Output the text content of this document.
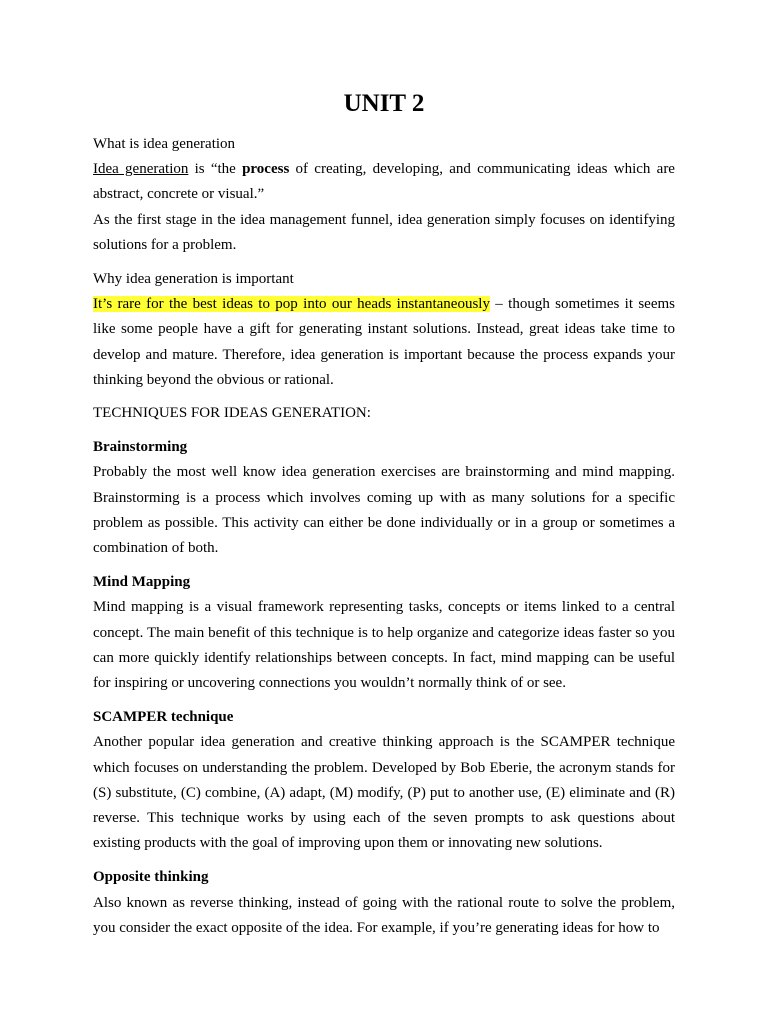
UNIT 2

What is idea generation

Idea generation is “the process of creating, developing, and communicating ideas which are abstract, concrete or visual.”

As the first stage in the idea management funnel, idea generation simply focuses on identifying solutions for a problem.

Why idea generation is important

It’s rare for the best ideas to pop into our heads instantaneously – though sometimes it seems like some people have a gift for generating instant solutions. Instead, great ideas take time to develop and mature. Therefore, idea generation is important because the process expands your thinking beyond the obvious or rational.

TECHNIQUES FOR IDEAS GENERATION:

Brainstorming

Probably the most well know idea generation exercises are brainstorming and mind mapping. Brainstorming is a process which involves coming up with as many solutions for a specific problem as possible. This activity can either be done individually or in a group or sometimes a combination of both.

Mind Mapping

Mind mapping is a visual framework representing tasks, concepts or items linked to a central concept. The main benefit of this technique is to help organize and categorize ideas faster so you can more quickly identify relationships between concepts. In fact, mind mapping can be useful for inspiring or uncovering connections you wouldn’t normally think of or see.

SCAMPER technique

Another popular idea generation and creative thinking approach is the SCAMPER technique which focuses on understanding the problem. Developed by Bob Eberie, the acronym stands for (S) substitute, (C) combine, (A) adapt, (M) modify, (P) put to another use, (E) eliminate and (R) reverse. This technique works by using each of the seven prompts to ask questions about existing products with the goal of improving upon them or innovating new solutions.

Opposite thinking

Also known as reverse thinking, instead of going with the rational route to solve the problem, you consider the exact opposite of the idea. For example, if you’re generating ideas for how to
